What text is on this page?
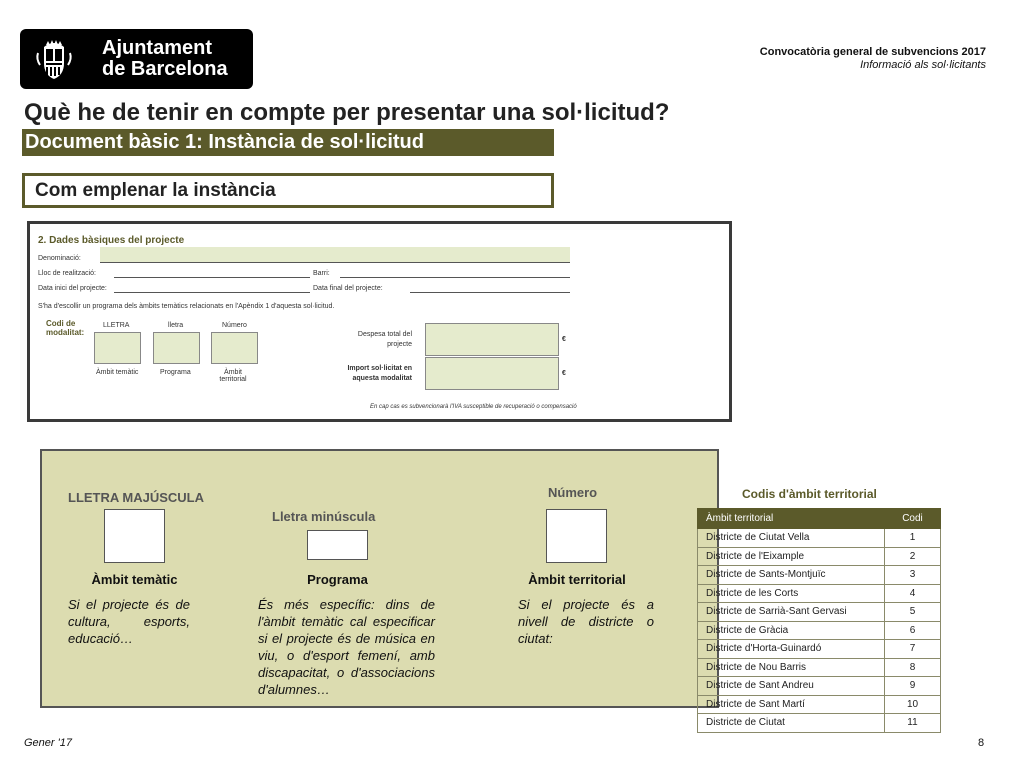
Ajuntament
de Barcelona
Convocatòria general de subvencions 2017
Informació als sol·licitants
Què he de tenir en compte per presentar una sol·licitud?
Document bàsic 1: Instància de sol·licitud
Com emplenar la instància
2. Dades bàsiques del projecte
Denominació:
Lloc de realització:	Barri:
Data inici del projecte:	Data final del projecte:
S'ha d'escollir un programa dels àmbits temàtics relacionats en l'Apèndix 1 d'aquesta sol·licitud.
Codi de modalitat:
LLETRA	lletra	Número
Àmbit temàtic	Programa	Àmbit territorial
Despesa total del projecte
€
Import sol·licitat en aquesta modalitat
€
En cap cas es subvencionarà l'IVA susceptible de recuperació o compensació
LLETRA MAJÚSCULA
Àmbit temàtic
Si el projecte és de cultura, esports, educació…
Lletra minúscula
Programa
És més específic: dins de l'àmbit temàtic cal especificar si el projecte és de música en viu, o d'esport femení, amb discapacitat, o d'associacions d'alumnes…
Número
Àmbit territorial
Si el projecte és a nivell de districte o ciutat:
Codis d'àmbit territorial
Àmbit territorial	Codi
Districte de Ciutat Vella	1
Districte de l'Eixample	2
Districte de Sants-Montjuïc	3
Districte de les Corts	4
Districte de Sarrià-Sant Gervasi	5
Districte de Gràcia	6
Districte d'Horta-Guinardó	7
Districte de Nou Barris	8
Districte de Sant Andreu	9
Districte de Sant Martí	10
Districte de Ciutat	11
Gener '17	8
